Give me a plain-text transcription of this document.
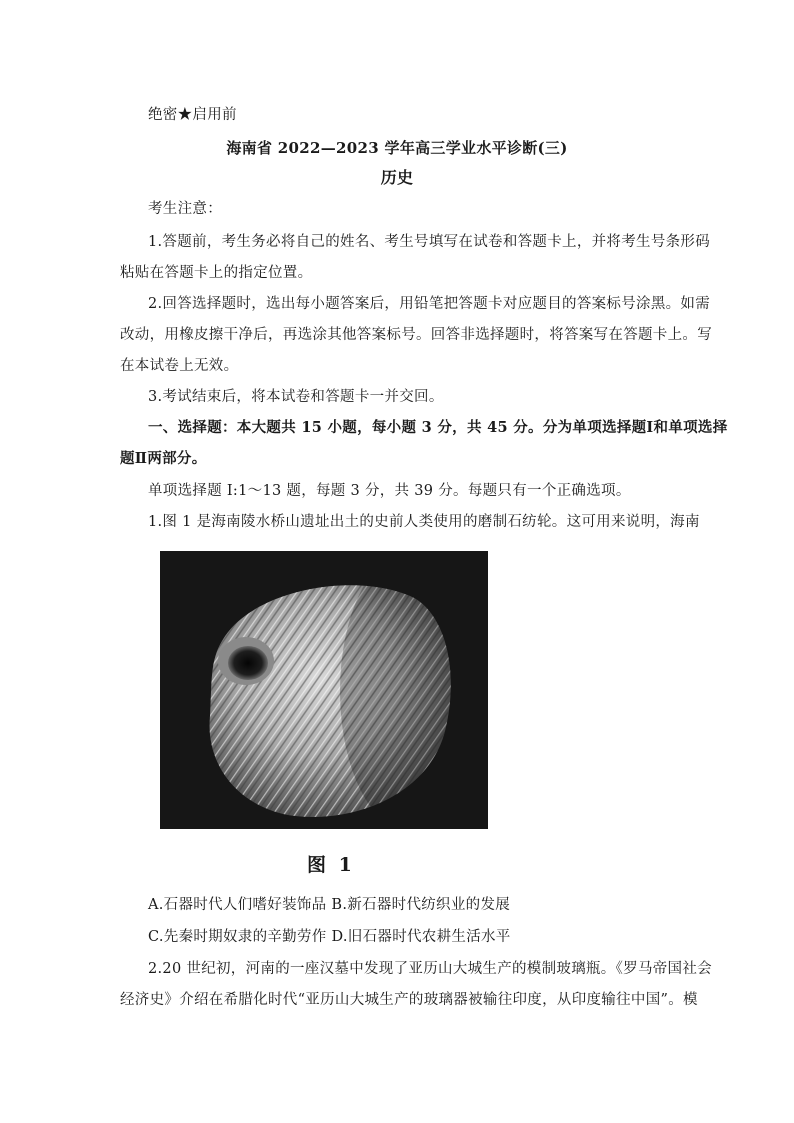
绝密★启用前
海南省 2022—2023 学年高三学业水平诊断(三)
历史
考生注意：
1.答题前，考生务必将自己的姓名、考生号填写在试卷和答题卡上，并将考生号条形码
粘贴在答题卡上的指定位置。
2.回答选择题时，选出每小题答案后，用铅笔把答题卡对应题目的答案标号涂黑。如需
改动，用橡皮擦干净后，再选涂其他答案标号。回答非选择题时，将答案写在答题卡上。写
在本试卷上无效。
3.考试结束后，将本试卷和答题卡一并交回。
一、选择题：本大题共 15 小题，每小题 3 分，共 45 分。分为单项选择题Ⅰ和单项选择
题Ⅱ两部分。
单项选择题 Ⅰ:1～13 题，每题 3 分，共 39 分。每题只有一个正确选项。
1.图 1 是海南陵水桥山遗址出土的史前人类使用的磨制石纺轮。这可用来说明，海南
图 1
A.石器时代人们嗜好装饰品 B.新石器时代纺织业的发展
C.先秦时期奴隶的辛勤劳作 D.旧石器时代农耕生活水平
2.20 世纪初，河南的一座汉墓中发现了亚历山大城生产的模制玻璃瓶。《罗马帝国社会
经济史》介绍在希腊化时代“亚历山大城生产的玻璃器被输往印度，从印度输往中国”。模
